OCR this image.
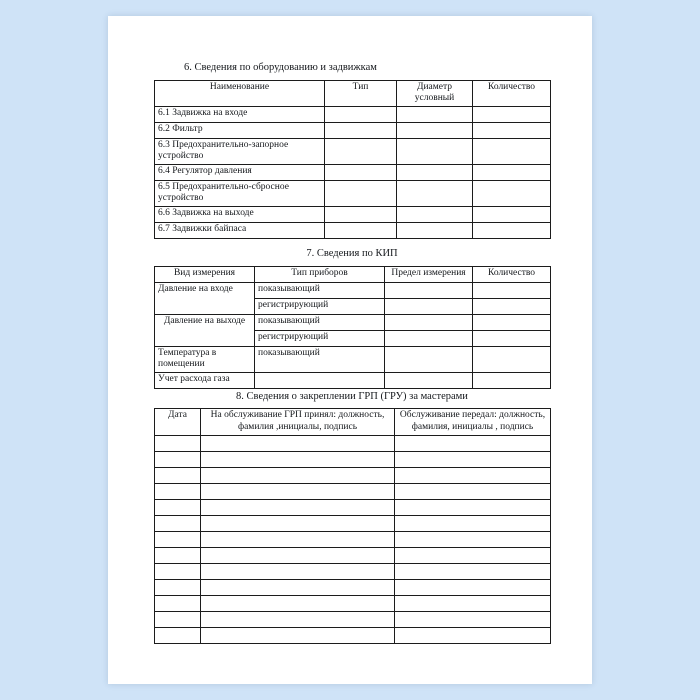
6. Сведения по оборудованию и задвижкам
Наименование	Тип	Диаметр условный	Количество
6.1 Задвижка на входе			
6.2 Фильтр			
6.3 Предохранительно-запорное устройство			
6.4 Регулятор давления			
6.5 Предохранительно-сбросное устройство			
6.6 Задвижка на выходе			
6.7 Задвижки байпаса			
7. Сведения по КИП
Вид измерения	Тип приборов	Предел измерения	Количество
Давление на входе	показывающий		
	регистрирующий		
Давление на выходе	показывающий		
	регистрирующий		
Температура в помещении	показывающий		
Учет расхода газа			
8. Сведения о закреплении ГРП (ГРУ) за мастерами
Дата	На обслуживание ГРП принял: должность, фамилия ,инициалы, подпись	Обслуживание передал: должность, фамилия, инициалы , подпись
